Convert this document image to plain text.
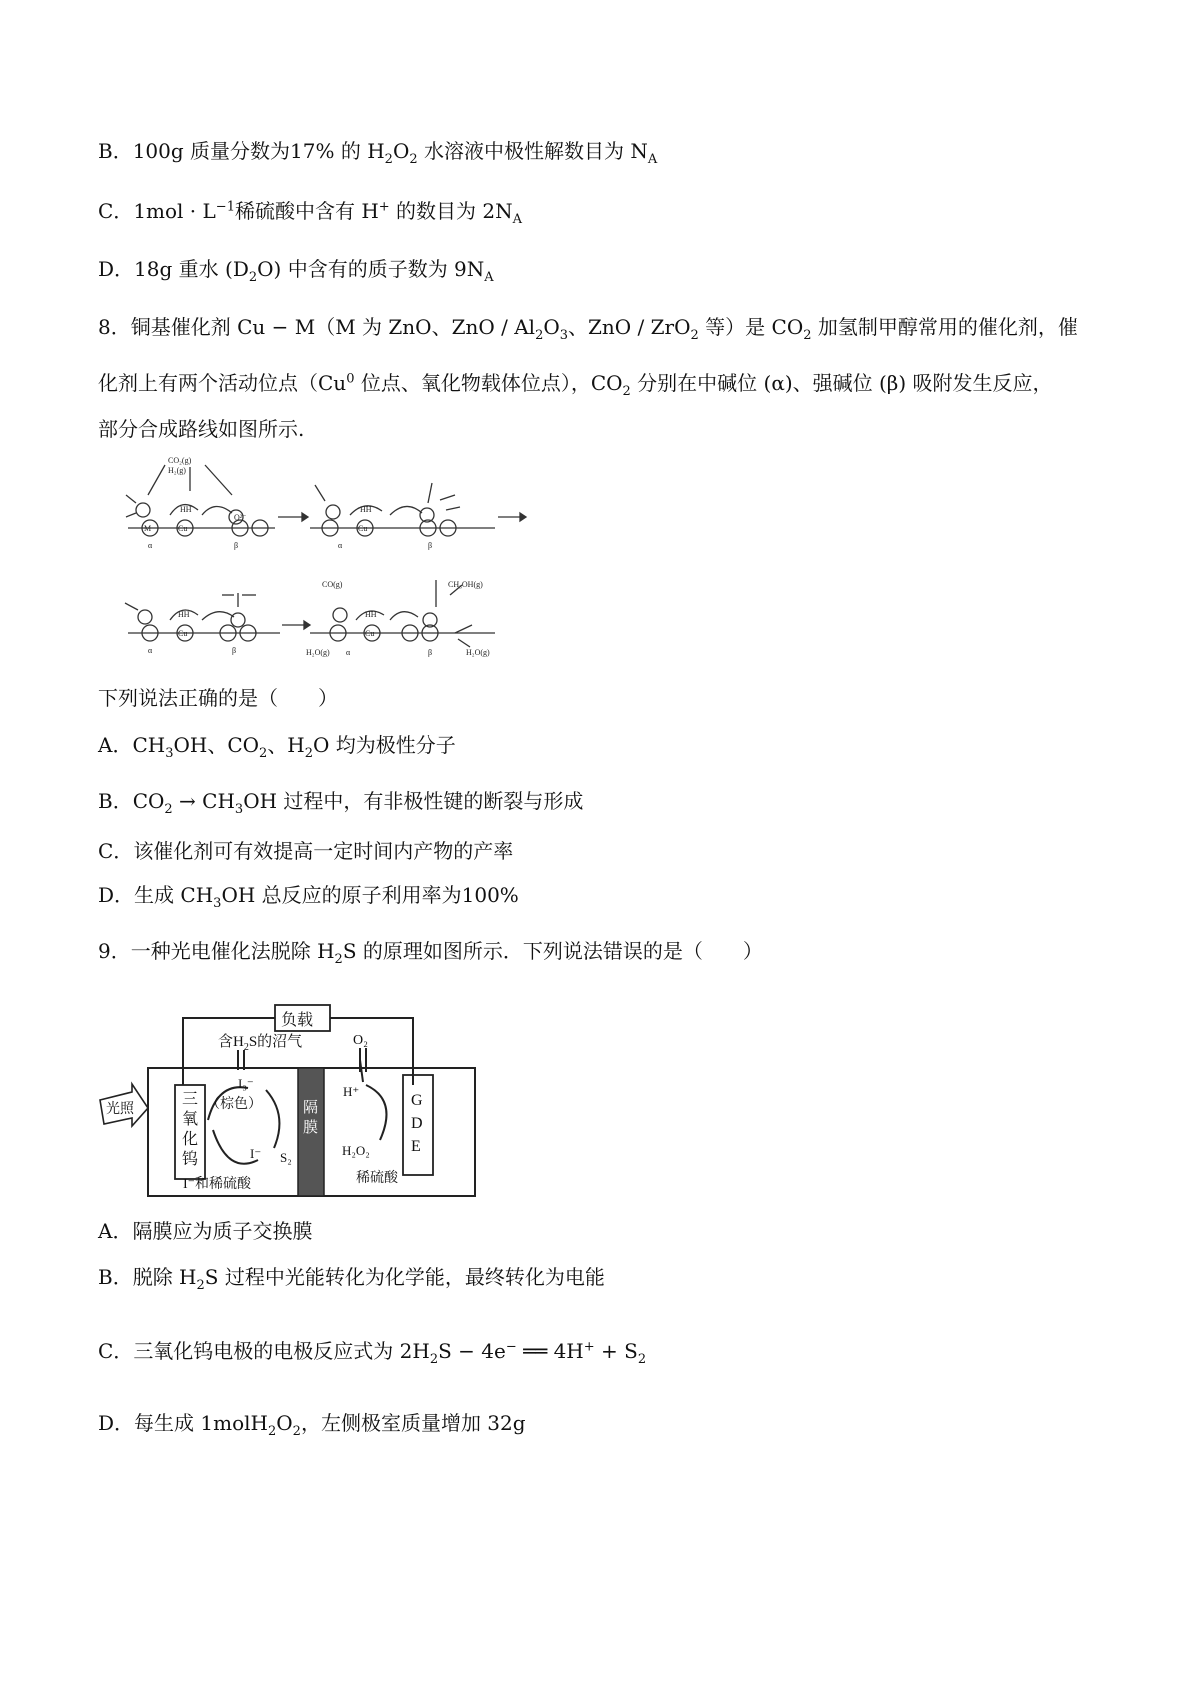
B．100g 质量分数为17% 的 $H_2O_2$ 水溶液中极性解数目为 $N_A$
C．$1mol \cdot L^{-1}$稀硫酸中含有 H+ 的数目为 $2N_A$
D．18g 重水 $(D_2O)$ 中含有的质子数为 $9N_A$
8．铜基催化剂 Cu − M（M 为 ZnO、ZnO / $Al_2O_3$、ZnO / ZrO$_2$ 等）是 $CO_2$ 加氢制甲醇常用的催化剂，催
化剂上有两个活动位点（Cu$^0$ 位点、氧化物载体位点），$CO_2$ 分别在中碱位 (α)、强碱位 (β) 吸附发生反应，
部分合成路线如图所示.
CO₂(g)
H₂(g)
M	Cu
O²⁻
HH
α	β
Cu
HH
α	β
Cu
HH
α	β
CO(g)	CH₃OH(g)
Cu
HH
H₂O(g) α	β	H₂O(g)
下列说法正确的是（　　）
A．$CH_3OH$、$CO_2$、$H_2O$ 均为极性分子
B．$CO_2 \to CH_3OH$ 过程中，有非极性键的断裂与形成
C．该催化剂可有效提高一定时间内产物的产率
D．生成 $CH_3OH$ 总反应的原子利用率为100%
9．一种光电催化法脱除 $H_2S$ 的原理如图所示．下列说法错误的是（　　）
负载
含$H_2S$的沼气	O₂
光照
三
氧
化
钨
I₃⁻
（棕色）
I⁻ S₂
隔
膜
H⁺
H₂O₂
G
D
E
I⁻和稀硫酸	稀硫酸
A．隔膜应为质子交换膜
B．脱除 $H_2S$ 过程中光能转化为化学能，最终转化为电能
C．三氧化钨电极的电极反应式为 $2H_2S - 4e^-$ ══ $4H^+ + S_2$
D．每生成 $1molH_2O_2$，左侧极室质量增加 32g
